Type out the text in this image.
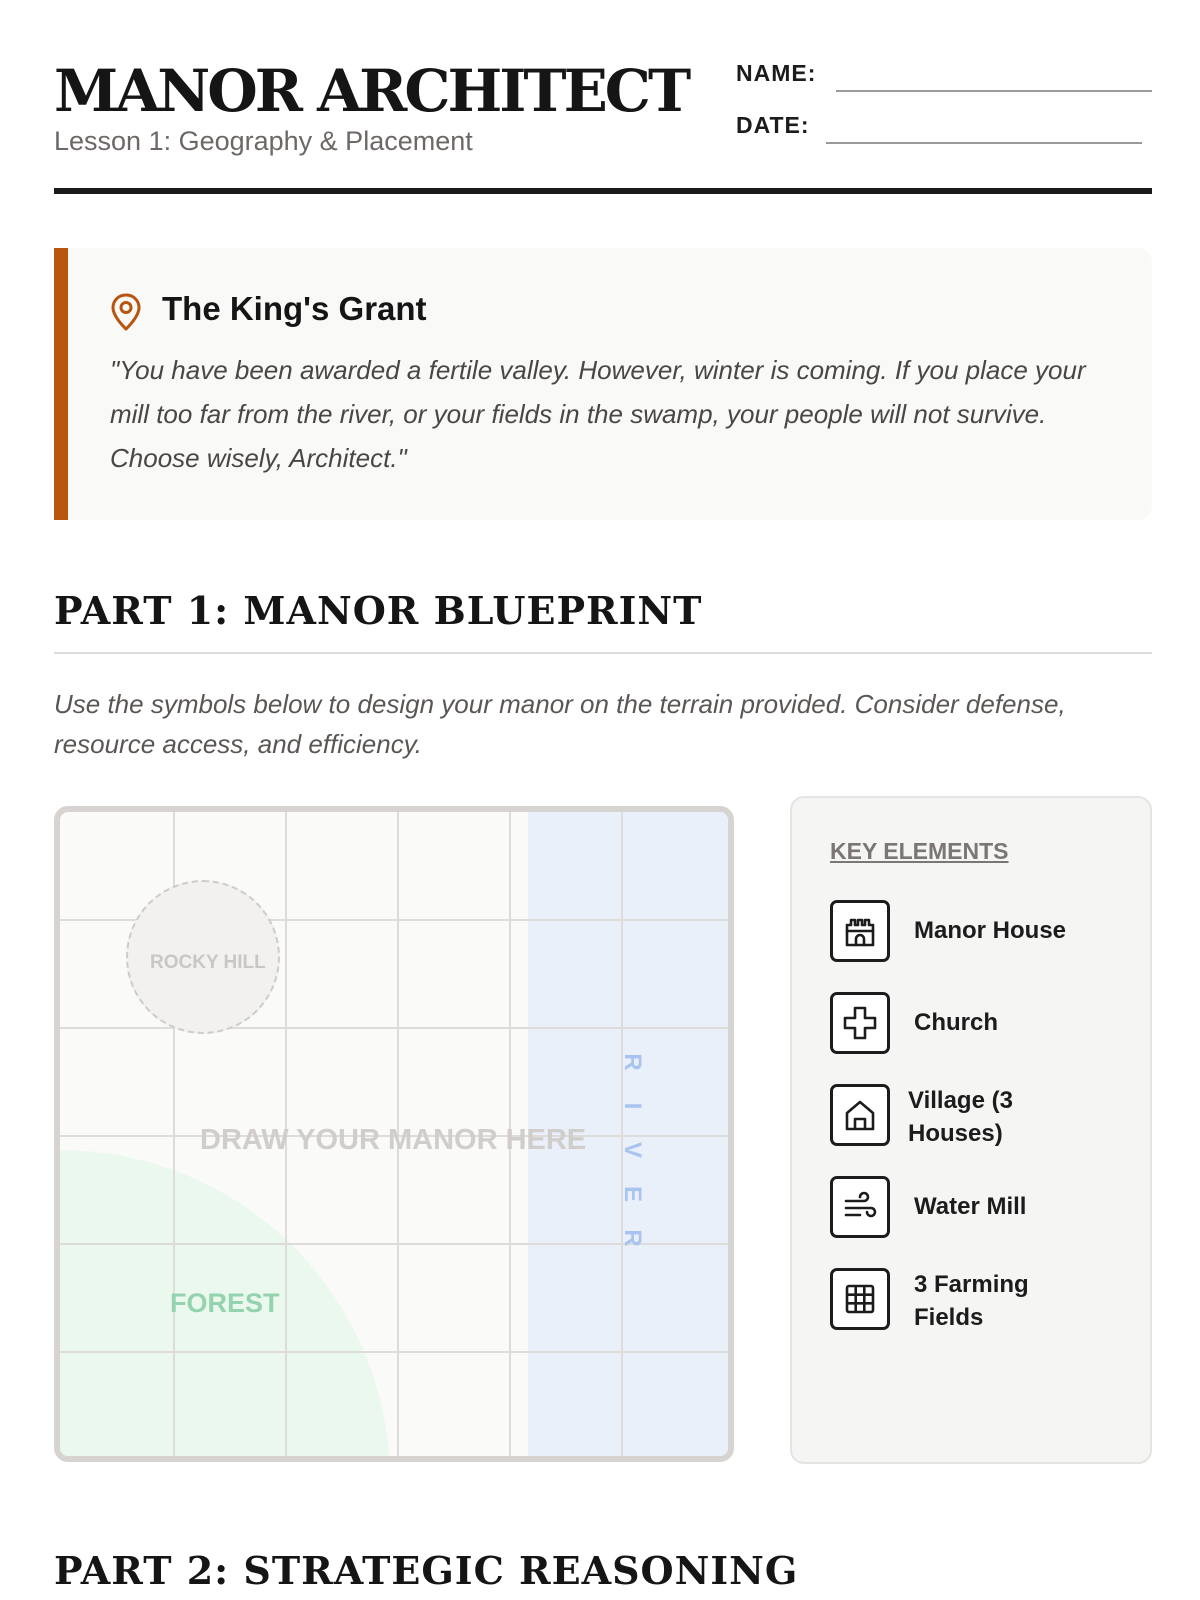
MANOR ARCHITECT
Lesson 1: Geography & Placement
NAME:
DATE:
The King's Grant
"You have been awarded a fertile valley. However, winter is coming. If you place your mill too far from the river, or your fields in the swamp, your people will not survive. Choose wisely, Architect."
PART 1: MANOR BLUEPRINT
Use the symbols below to design your manor on the terrain provided. Consider defense, resource access, and efficiency.
ROCKY HILL
DRAW YOUR MANOR HERE
R
I
V
E
R
FOREST
KEY ELEMENTS
Manor House
Church
Village (3 Houses)
Water Mill
3 Farming Fields
PART 2: STRATEGIC REASONING
